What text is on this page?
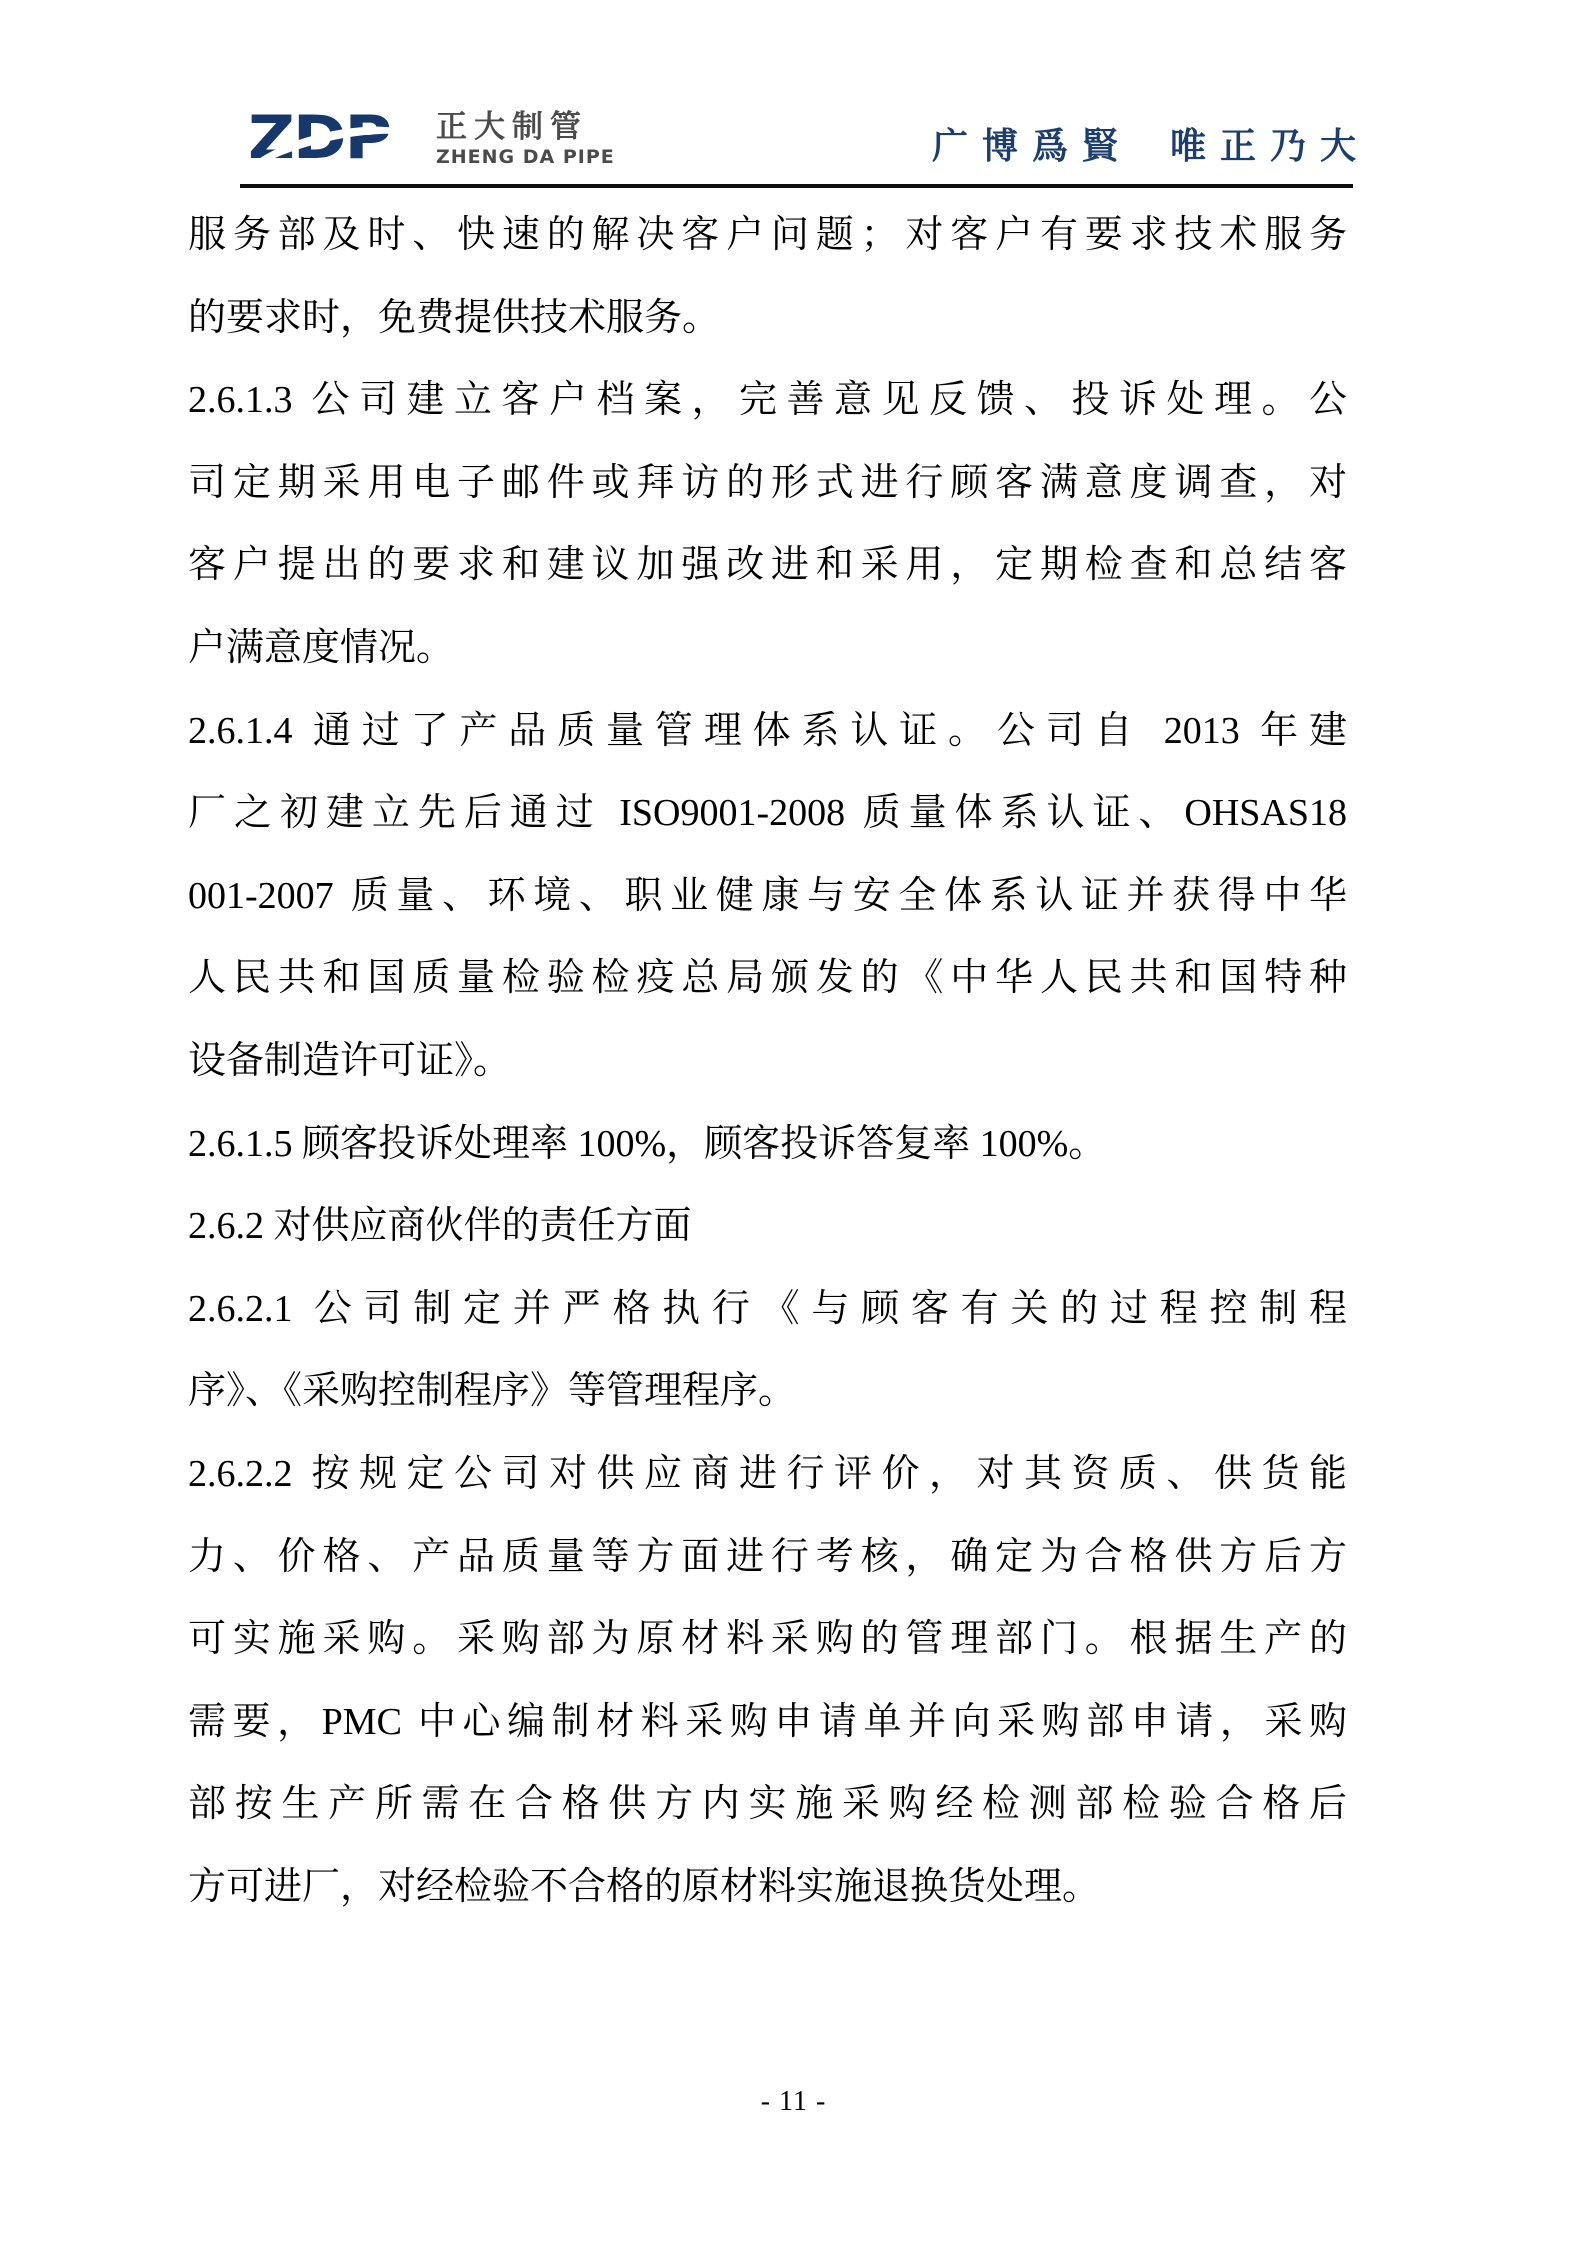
ZDP 正大制管
ZHENG DA PIPE	广博爲賢 唯正乃大
服务部及时、快速的解决客户问题；对客户有要求技术服务
的要求时，免费提供技术服务。
2.6.1.3 公司建立客户档案，完善意见反馈、投诉处理。公
司定期采用电子邮件或拜访的形式进行顾客满意度调查，对
客户提出的要求和建议加强改进和采用，定期检查和总结客
户满意度情况。
2.6.1.4 通过了产品质量管理体系认证。公司自 2013 年建
厂之初建立先后通过 ISO9001-2008 质量体系认证、OHSAS18
001-2007 质量、环境、职业健康与安全体系认证并获得中华
人民共和国质量检验检疫总局颁发的《中华人民共和国特种
设备制造许可证》。
2.6.1.5 顾客投诉处理率 100%，顾客投诉答复率 100%。
2.6.2 对供应商伙伴的责任方面
2.6.2.1 公司制定并严格执行《与顾客有关的过程控制程
序》、《采购控制程序》等管理程序。
2.6.2.2 按规定公司对供应商进行评价，对其资质、供货能
力、价格、产品质量等方面进行考核，确定为合格供方后方
可实施采购。采购部为原材料采购的管理部门。根据生产的
需要，PMC 中心编制材料采购申请单并向采购部申请，采购
部按生产所需在合格供方内实施采购经检测部检验合格后
方可进厂，对经检验不合格的原材料实施退换货处理。
- 11 -
